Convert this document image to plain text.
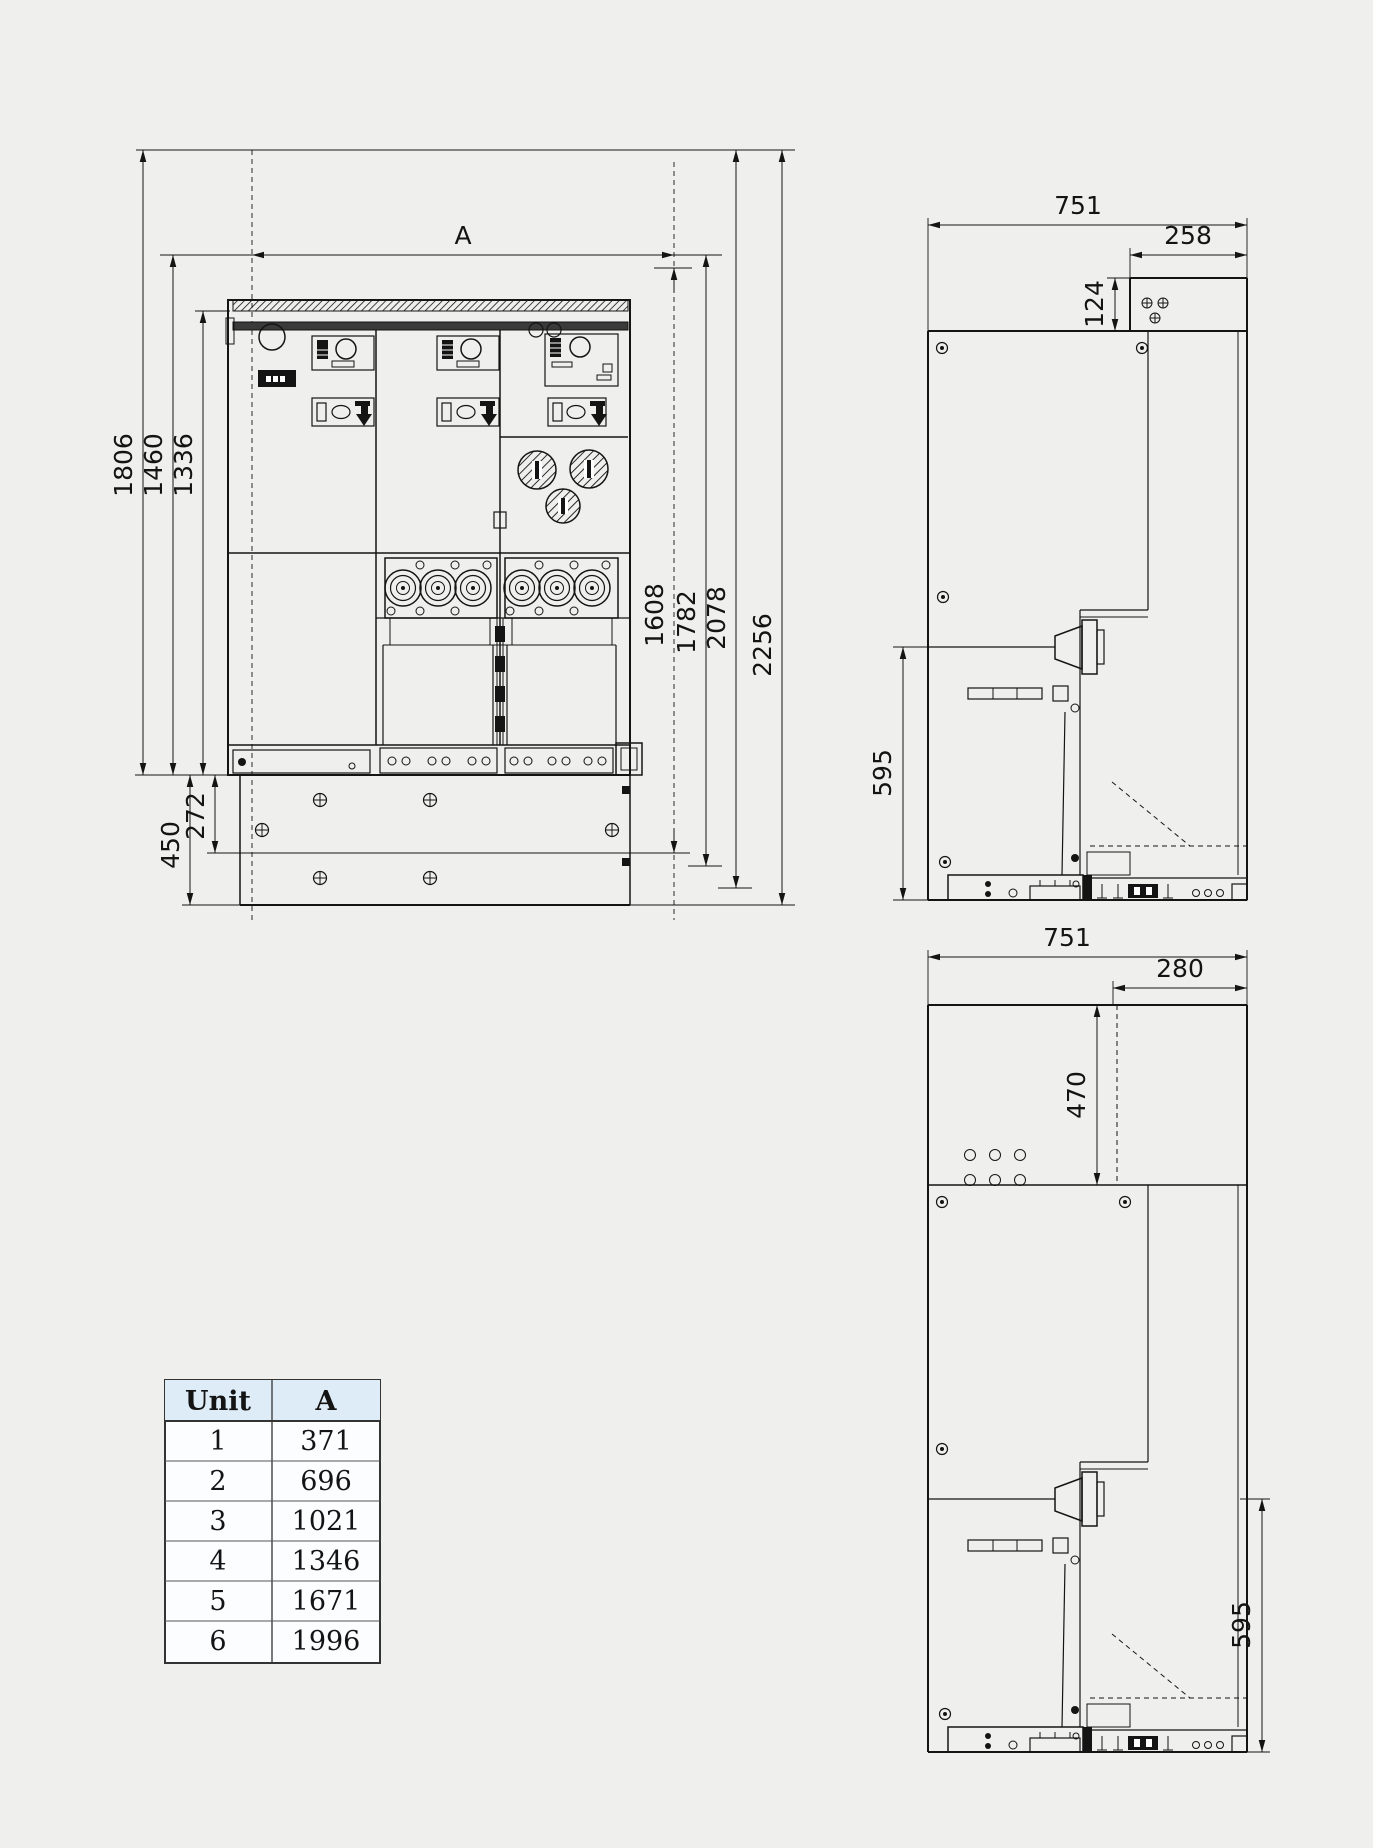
A
1806 1460 1336
450
272
1608 1782 2078 2256
751
258
124
595
751
280
470
595
Unit A
1	371
2	696
3 1021
4 1346
5 1671
6 1996
